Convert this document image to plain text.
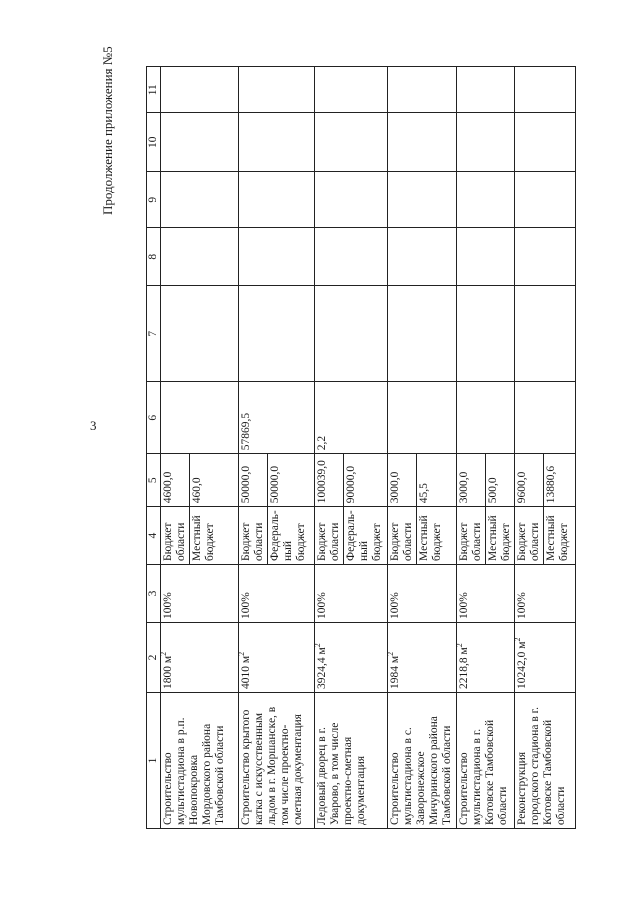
3
Продолжение приложения №5
1	2	3	4	5	6	7	8	9	10	11
Строительство мультистадиона в р.п. Новопокровка Мордовского района Тамбовской области	1800 $м^2$	100%	Бюджет области	4600,0						
			Местный бюджет	460,0						
Строительство крытого катка с искусственным льдом в г. Моршанске, в том числе проектно-сметная документация	4010 $м^2$	100%	Бюджет области	50000,0	57869,5					
			Федераль-ный бюджет	50000,0						
Ледовый дворец в г. Уварово, в том числе проектно-сметная документация	3924,4 $м^2$	100%	Бюджет области	100039,0	2,2					
			Федераль-ный бюджет	90000,0						
Строительство мультистадиона в с. Заворонежское Мичуринского района Тамбовской области	1984 $м^2$	100%	Бюджет области	3000,0						
			Местный бюджет	45,5						
Строительство мультистадиона в г. Котовске Тамбовской области	2218,8 $м^2$	100%	Бюджет области	3000,0						
			Местный бюджет	500,0						
Реконструкция городского стадиона в г. Котовске Тамбовской области	10242,0 $м^2$	100%	Бюджет области	9600,0						
			Местный бюджет	13880,6						
